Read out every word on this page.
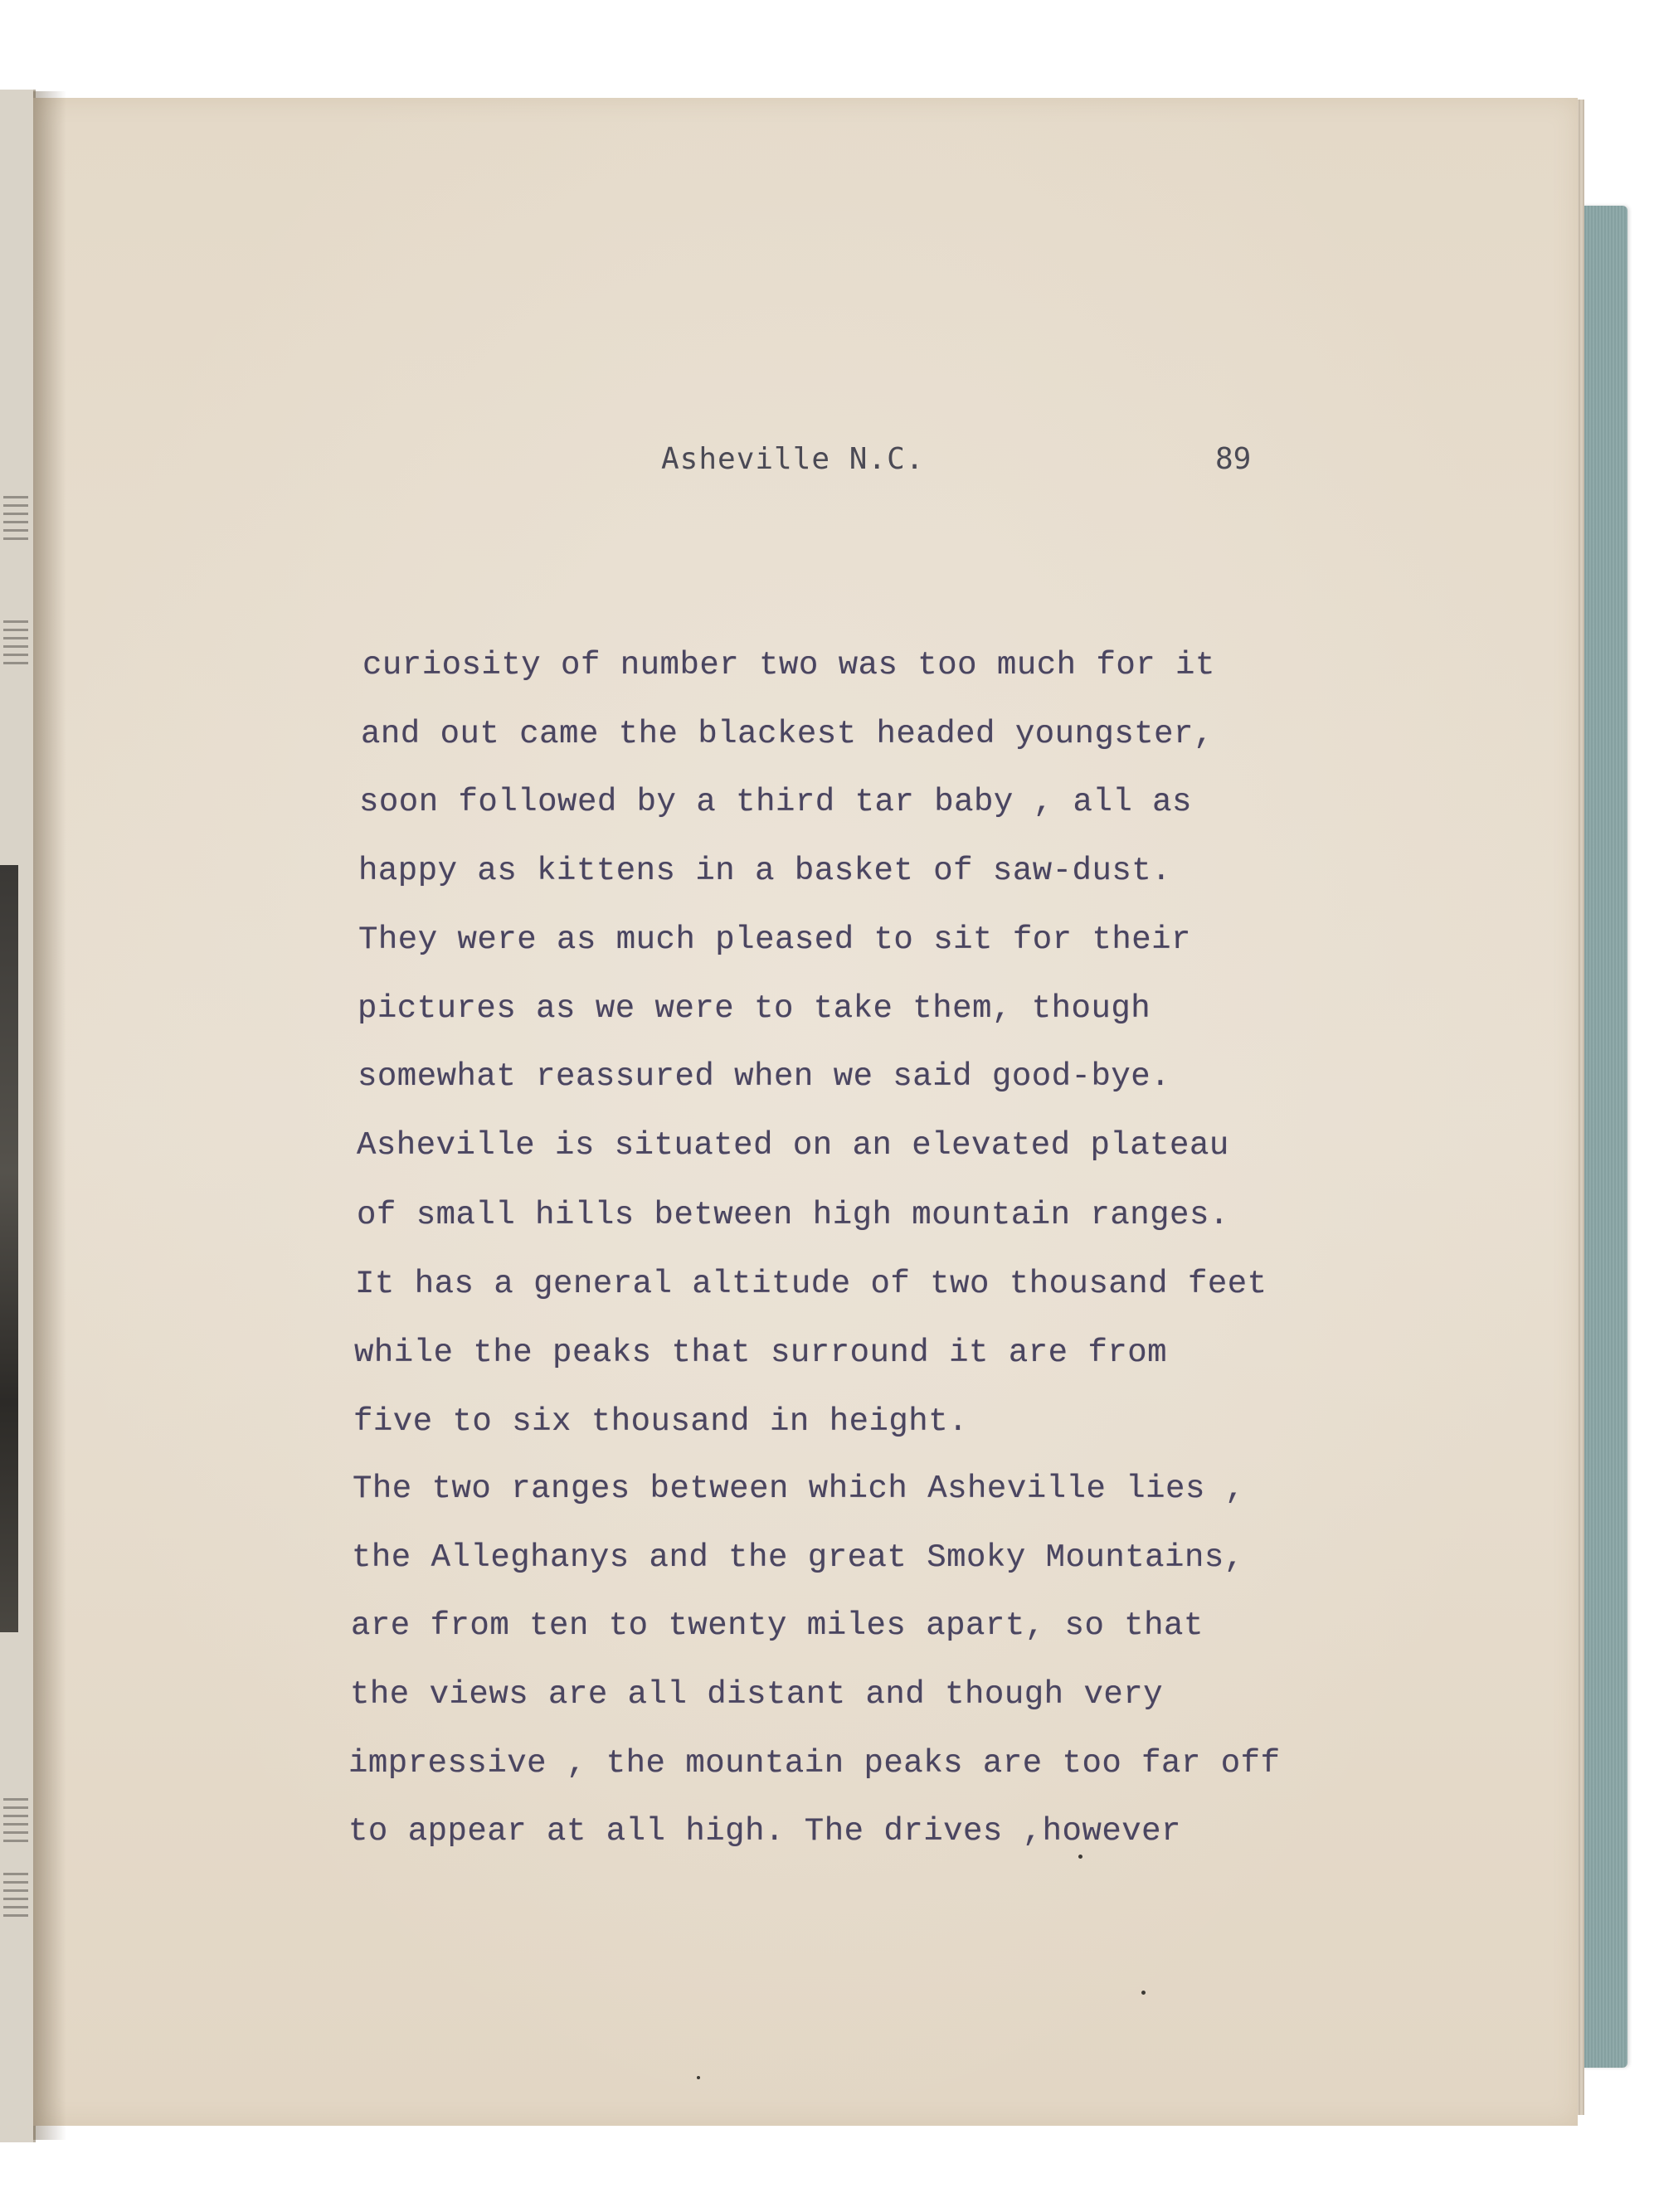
Asheville N.C.	89
curiosity of number two was too much for it
and out came the blackest headed youngster,
soon followed by a third tar baby , all as
happy as kittens in a basket of saw-dust.
They were as much pleased to sit for their
pictures as we were to take them, though
somewhat reassured when we said good-bye.
Asheville is situated on an elevated plateau
of small hills between high mountain ranges.
It has a general altitude of two thousand feet
while the peaks that surround it are from
five to six thousand in height.
The two ranges between which Asheville lies ,
the Alleghanys and the great Smoky Mountains,
are from ten to twenty miles apart, so that
the views are all distant and though very
impressive , the mountain peaks are too far off
to appear at all high. The drives ,however
